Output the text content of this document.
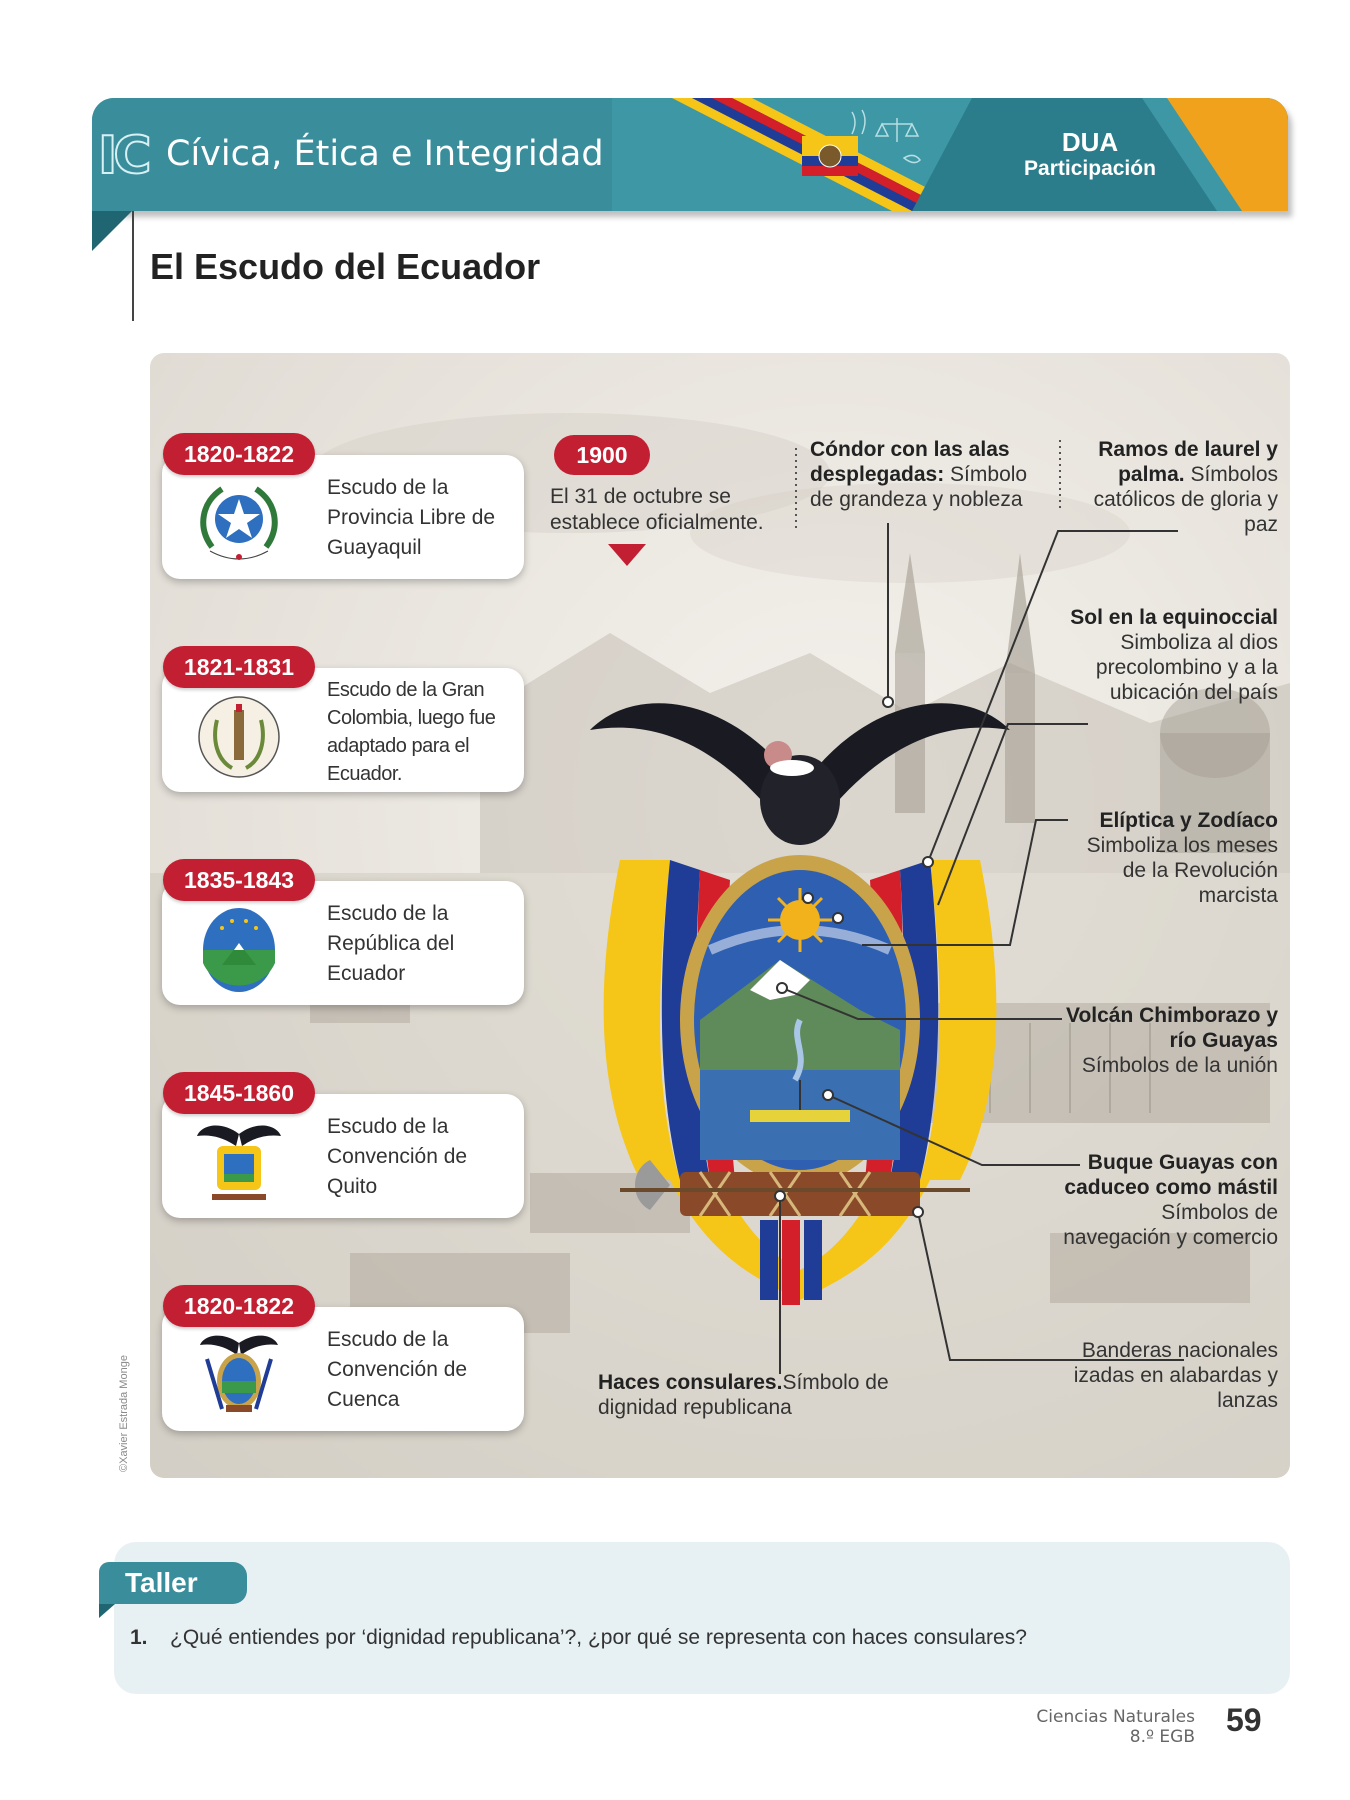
IC Cívica, Ética e Integridad	DUA
Participación
El Escudo del Ecuador
Escudo de la Provincia Libre de Guayaquil
1820-1822
Escudo de la Gran Colombia, luego fue adaptado para el Ecuador.
1821-1831
Escudo de la República del Ecuador
1835-1843
Escudo de la Convención de Quito
1845-1860
Escudo de la Convención de Cuenca
1820-1822
1900
El 31 de octubre se establece oficialmente.
Cóndor con las alas desplegadas: Símbolo de grandeza y nobleza
Ramos de laurel y palma. Símbolos católicos de gloria y paz
Sol en la equinoccial
Simboliza al dios precolombino y a la ubicación del país
Elíptica y Zodíaco
Simboliza los meses de la Revolución marcista
Volcán Chimborazo y río Guayas
Símbolos de la unión
Buque Guayas con caduceo como mástil
Símbolos de navegación y comercio
Banderas nacionales izadas en alabardas y lanzas
Haces consulares.Símbolo de dignidad republicana
©Xavier Estrada Monge
Taller
1. ¿Qué entiendes por ‘dignidad republicana’?, ¿por qué se representa con haces consulares?
Ciencias Naturales
8.º EGB 59
